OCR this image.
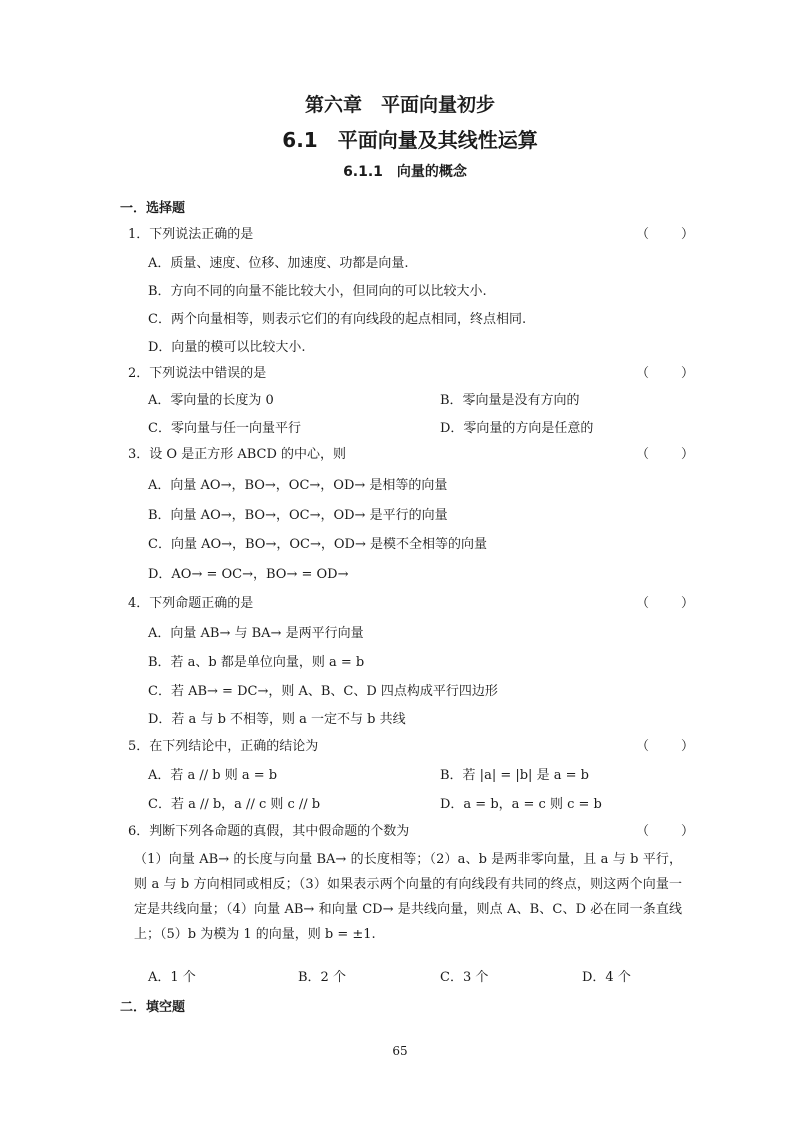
第六章　平面向量初步
6.1　平面向量及其线性运算
6.1.1　向量的概念
一．选择题
1．下列说法正确的是	（　　）
A．质量、速度、位移、加速度、功都是向量.
B．方向不同的向量不能比较大小，但同向的可以比较大小.
C．两个向量相等，则表示它们的有向线段的起点相同，终点相同.
D．向量的模可以比较大小.
2．下列说法中错误的是	（　　）
A．零向量的长度为 0	B．零向量是没有方向的
C．零向量与任一向量平行	D．零向量的方向是任意的
3．设 O 是正方形 ABCD 的中心，则	（　　）
A．向量 AO→，BO→，OC→，OD→ 是相等的向量
B．向量 AO→，BO→，OC→，OD→ 是平行的向量
C．向量 AO→，BO→，OC→，OD→ 是模不全相等的向量
D．AO→ = OC→，BO→ = OD→
4．下列命题正确的是	（　　）
A．向量 AB→ 与 BA→ 是两平行向量
B．若 a、b 都是单位向量，则 a = b
C．若 AB→ = DC→，则 A、B、C、D 四点构成平行四边形
D．若 a 与 b 不相等，则 a 一定不与 b 共线
5．在下列结论中，正确的结论为	（　　）
A．若 a // b 则 a = b	B．若 |a| = |b| 是 a = b
C．若 a // b，a // c 则 c // b	D．a = b，a = c 则 c = b
6．判断下列各命题的真假，其中假命题的个数为	（　　）
（1）向量 AB→ 的长度与向量 BA→ 的长度相等；（2）a、b 是两非零向量，且 a 与 b 平行，则 a 与 b 方向相同或相反；（3）如果表示两个向量的有向线段有共同的终点，则这两个向量一定是共线向量；（4）向量 AB→ 和向量 CD→ 是共线向量，则点 A、B、C、D 必在同一条直线上；（5）b 为模为 1 的向量，则 b = ±1.
A．1 个	B．2 个	C．3 个	D．4 个
二．填空题
65
